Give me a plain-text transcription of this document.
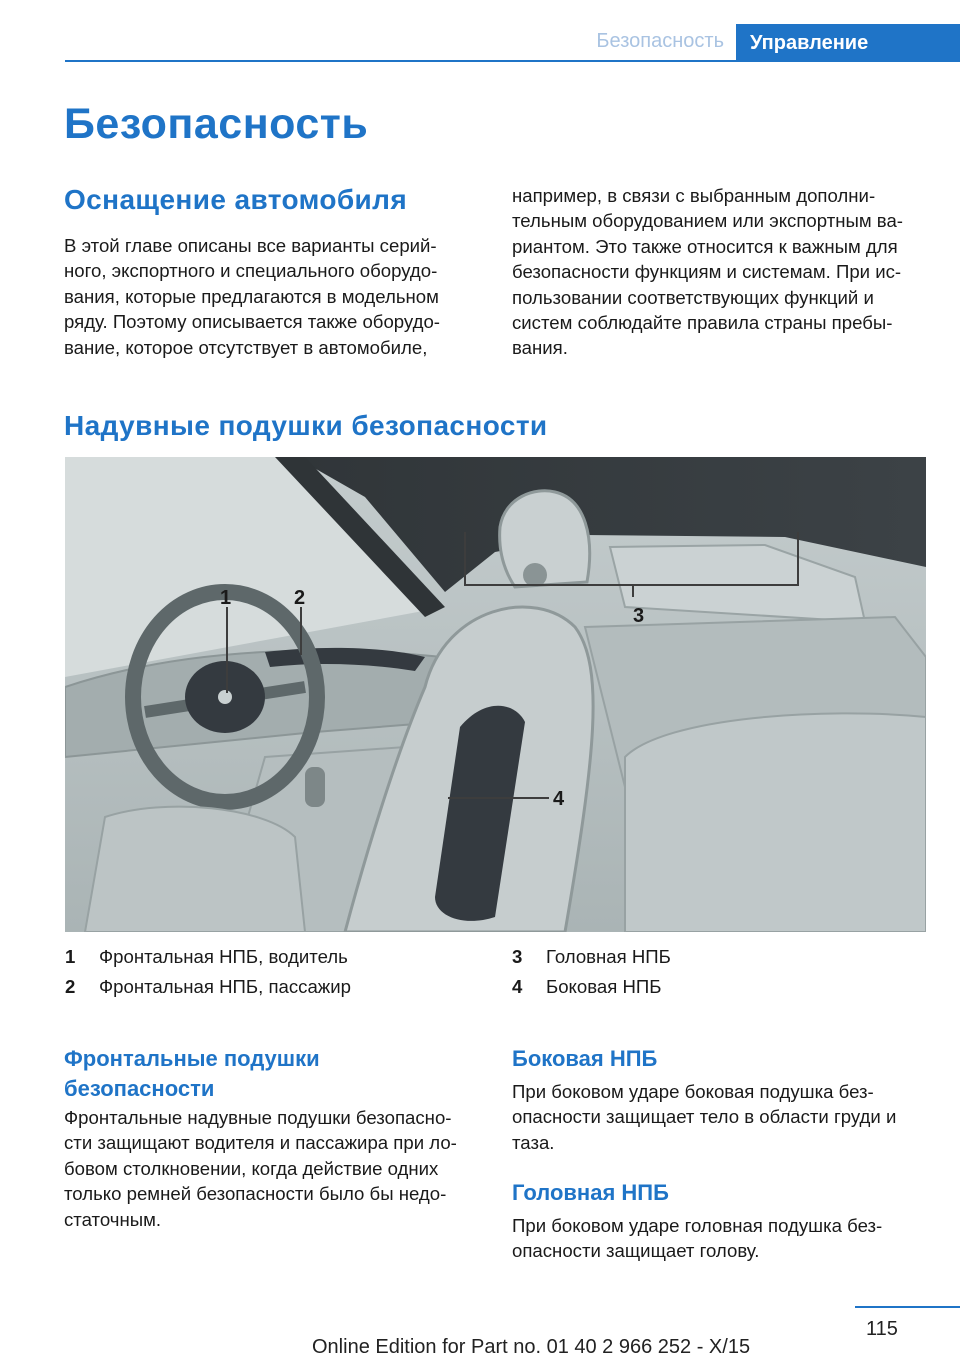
Безопасность	Управление
Безопасность
Оснащение автомобиля
В этой главе описаны все варианты серий-
ного, экспортного и специального оборудо-
вания, которые предлагаются в модельном
ряду. Поэтому описывается также оборудо-
вание, которое отсутствует в автомобиле,
например, в связи с выбранным дополни-
тельным оборудованием или экспортным ва-
риантом. Это также относится к важным для
безопасности функциям и системам. При ис-
пользовании соответствующих функций и
систем соблюдайте правила страны пребы-
вания.
Надувные подушки безопасности
1	2
3
4
1 Фронтальная НПБ, водитель
2 Фронтальная НПБ, пассажир
3 Головная НПБ
4 Боковая НПБ
Фронтальные подушки
безопасности
Фронтальные надувные подушки безопасно-
сти защищают водителя и пассажира при ло-
бовом столкновении, когда действие одних
только ремней безопасности было бы недо-
статочным.
Боковая НПБ
При боковом ударе боковая подушка без-
опасности защищает тело в области груди и
таза.
Головная НПБ
При боковом ударе головная подушка без-
опасности защищает голову.
115
Online Edition for Part no. 01 40 2 966 252 - X/15
